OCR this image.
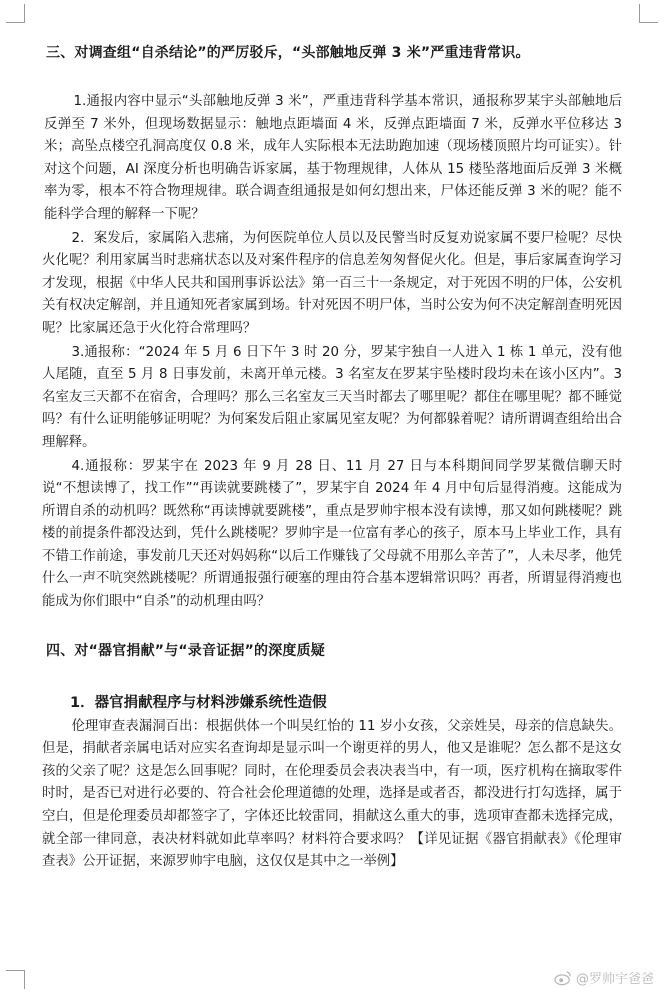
三、对调查组“自杀结论”的严厉驳斥，“头部触地反弹 3 米”严重违背常识。
1.通报内容中显示“头部触地反弹 3 米”，严重违背科学基本常识，通报称罗某宇头部触地后反弹至 7 米外，但现场数据显示：触地点距墙面 4 米，反弹点距墙面 7 米，反弹水平位移达 3 米；高坠点楼空孔洞高度仅 0.8 米，成年人实际根本无法助跑加速（现场楼顶照片均可证实）。针对这个问题，AI 深度分析也明确告诉家属，基于物理规律，人体从 15 楼坠落地面后反弹 3 米概率为零，根本不符合物理规律。联合调查组通报是如何幻想出来，尸体还能反弹 3 米的呢？能不能科学合理的解释一下呢？
2．案发后，家属陷入悲痛，为何医院单位人员以及民警当时反复劝说家属不要尸检呢？尽快火化呢？利用家属当时悲痛状态以及对案件程序的信息差匆匆督促火化。但是，事后家属查询学习才发现，根据《中华人民共和国刑事诉讼法》第一百三十一条规定，对于死因不明的尸体，公安机关有权决定解剖，并且通知死者家属到场。针对死因不明尸体，当时公安为何不决定解剖查明死因呢？比家属还急于火化符合常理吗？
3.通报称：“2024 年 5 月 6 日下午 3 时 20 分，罗某宇独自一人进入 1 栋 1 单元，没有他人尾随，直至 5 月 8 日事发前，未离开单元楼。3 名室友在罗某宇坠楼时段均未在该小区内”。3 名室友三天都不在宿舍，合理吗？那么三名室友三天当时都去了哪里呢？都住在哪里呢？都不睡觉吗？有什么证明能够证明呢？为何案发后阻止家属见室友呢？为何都躲着呢？请所谓调查组给出合理解释。
4.通报称：罗某宇在 2023 年 9 月 28 日、11 月 27 日与本科期间同学罗某微信聊天时说“不想读博了，找工作”“再读就要跳楼了”，罗某宇自 2024 年 4 月中旬后显得消瘦。这能成为所谓自杀的动机吗？既然称“再读博就要跳楼”，重点是罗帅宇根本没有读博，那又如何跳楼呢？跳楼的前提条件都没达到，凭什么跳楼呢？罗帅宇是一位富有孝心的孩子，原本马上毕业工作，具有不错工作前途，事发前几天还对妈妈称“以后工作赚钱了父母就不用那么辛苦了”，人未尽孝，他凭什么一声不吭突然跳楼呢？所谓通报强行硬塞的理由符合基本逻辑常识吗？再者，所谓显得消瘦也能成为你们眼中“自杀”的动机理由吗？
四、对“器官捐献”与“录音证据”的深度质疑
1．器官捐献程序与材料涉嫌系统性造假
伦理审查表漏洞百出：根据供体一个叫吴红怡的 11 岁小女孩，父亲姓吴，母亲的信息缺失。但是，捐献者亲属电话对应实名查询却是显示叫一个谢更祥的男人，他又是谁呢？怎么都不是这女孩的父亲了呢？这是怎么回事呢？同时，在伦理委员会表决表当中，有一项，医疗机构在摘取零件时时，是否已对进行必要的、符合社会伦理道德的处理，选择是或者否，都没进行打勾选择，属于空白，但是伦理委员却都签字了，字体还比较雷同，捐献这么重大的事，选项审查都未选择完成，就全部一律同意，表决材料就如此草率吗？材料符合要求吗？【详见证据《器官捐献表》《伦理审查表》公开证据，来源罗帅宇电脑，这仅仅是其中之一举例】
@罗帅宇爸爸
